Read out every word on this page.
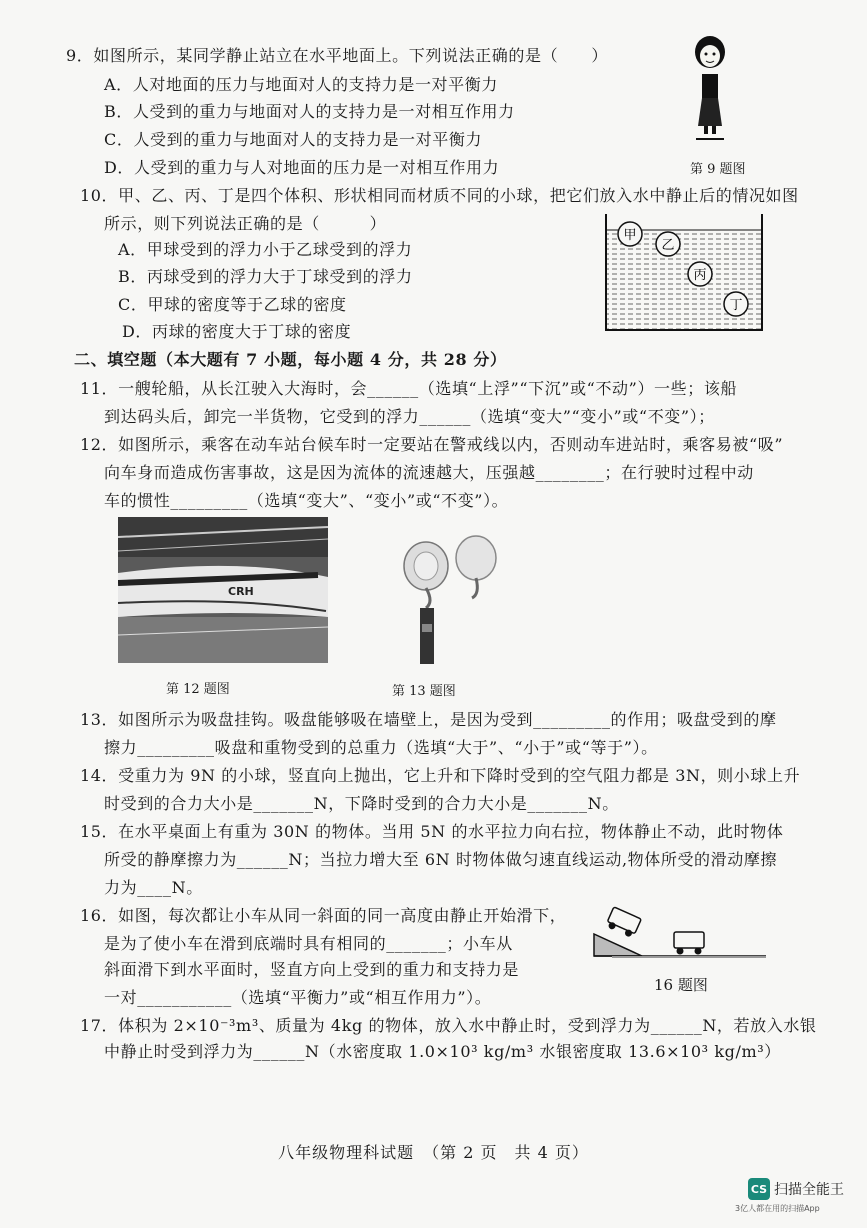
9．如图所示，某同学静止站立在水平地面上。下列说法正确的是（　　）
A．人对地面的压力与地面对人的支持力是一对平衡力
B．人受到的重力与地面对人的支持力是一对相互作用力
C．人受到的重力与地面对人的支持力是一对平衡力
D．人受到的重力与人对地面的压力是一对相互作用力	第 9 题图
10．甲、乙、丙、丁是四个体积、形状相同而材质不同的小球，把它们放入水中静止后的情况如图
所示，则下列说法正确的是（　　　）
A．甲球受到的浮力小于乙球受到的浮力
B．丙球受到的浮力大于丁球受到的浮力
C．甲球的密度等于乙球的密度
D．丙球的密度大于丁球的密度
甲
乙
丙
丁
二、填空题（本大题有 7 小题，每小题 4 分，共 28 分）
11．一艘轮船，从长江驶入大海时，会______（选填“上浮”“下沉”或“不动”）一些；该船
到达码头后，卸完一半货物，它受到的浮力______（选填“变大”“变小”或“不变”）；
12．如图所示，乘客在动车站台候车时一定要站在警戒线以内，否则动车进站时，乘客易被“吸”
向车身而造成伤害事故，这是因为流体的流速越大，压强越________；在行驶时过程中动
车的惯性_________（选填“变大”、“变小”或“不变”）。
CRH
第 12 题图	第 13 题图
13．如图所示为吸盘挂钩。吸盘能够吸在墙壁上，是因为受到_________的作用；吸盘受到的摩
擦力_________吸盘和重物受到的总重力（选填“大于”、“小于”或“等于”）。
14．受重力为 9N 的小球，竖直向上抛出，它上升和下降时受到的空气阻力都是 3N，则小球上升
时受到的合力大小是_______N，下降时受到的合力大小是_______N。
15．在水平桌面上有重为 30N 的物体。当用 5N 的水平拉力向右拉，物体静止不动，此时物体
所受的静摩擦力为______N；当拉力增大至 6N 时物体做匀速直线运动,物体所受的滑动摩擦
力为____N。
16．如图，每次都让小车从同一斜面的同一高度由静止开始滑下，
是为了使小车在滑到底端时具有相同的_______；小车从
斜面滑下到水平面时，竖直方向上受到的重力和支持力是
一对___________（选填“平衡力”或“相互作用力”）。
16 题图
17．体积为 2×10⁻³m³、质量为 4kg 的物体，放入水中静止时，受到浮力为______N，若放入水银
中静止时受到浮力为______N（水密度取 1.0×10³ kg/m³ 水银密度取 13.6×10³ kg/m³）
八年级物理科试题　（第 2 页　共 4 页）
CS 扫描全能王
3亿人都在用的扫描App
